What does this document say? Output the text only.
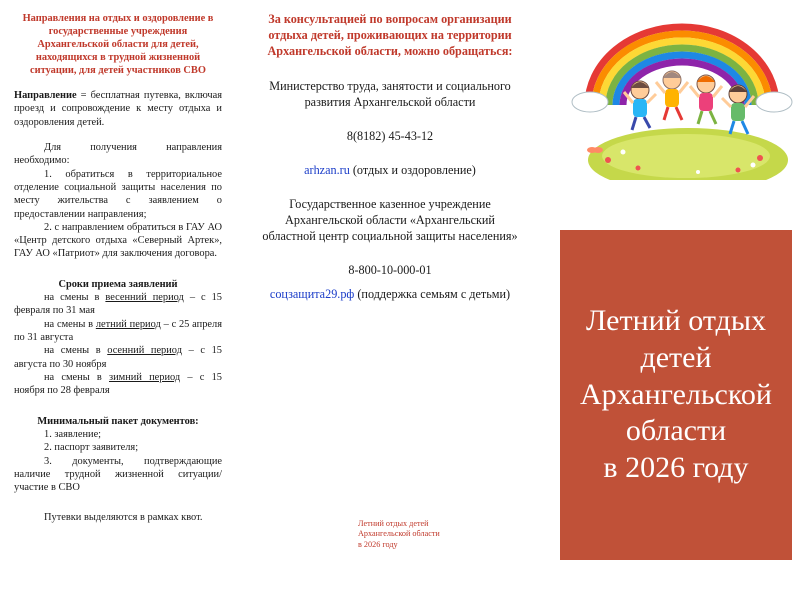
Направления на отдых и оздоровление в государственные учреждения Архангельской области для детей, находящихся в трудной жизненной ситуации, для детей участников СВО

Направление = бесплатная путевка, включая проезд и сопровождение к месту отдыха и оздоровления детей.

Для получения направления необходимо:

1. обратиться в территориальное отделение социальной защиты населения по месту жительства с заявлением о предоставлении направления;

2. с направлением обратиться в ГАУ АО «Центр детского отдыха «Северный Артек», ГАУ АО «Патриот» для заключения договора.

Сроки приема заявлений

на смены в весенний период – с 15 февраля по 31 мая

на смены в летний период – с 25 апреля по 31 августа

на смены в осенний период – с 15 августа по 30 ноября

на смены в зимний период – с 15 ноября по 28 февраля

Минимальный пакет документов:

1. заявление;

2. паспорт заявителя;

3. документы, подтверждающие наличие трудной жизненной ситуации/ участие в СВО

Путевки выделяются в рамках квот.

За консультацией по вопросам организации отдыха детей, проживающих на территории Архангельской области, можно обращаться:
Министерство труда, занятости и социального развития Архангельской области
8(8182) 45-43-12
arhzan.ru (отдых и оздоровление)
Государственное казенное учреждение Архангельской области «Архангельский областной центр социальной защиты населения»
8-800-10-000-01
соцзащита29.рф (поддержка семьям с детьми)
Летний отдых детей
Архангельской области
в 2026 году
Летний отдых
детей
Архангельской
области
в 2026 году
